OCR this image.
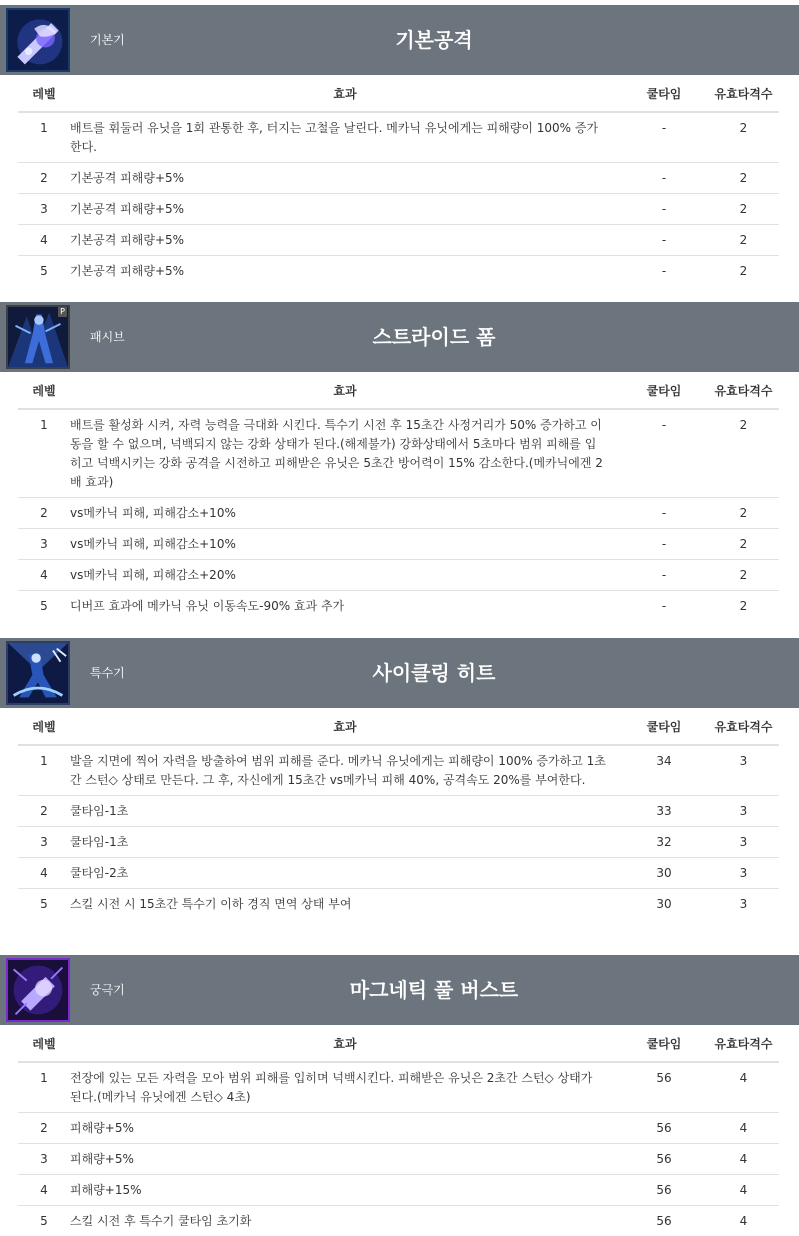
기본기	기본공격
레벨	효과	쿨타임	유효타격수
1	배트를 휘둘러 유닛을 1회 관통한 후, 터지는 고철을 날린다. 메카닉 유닛에게는 피해량이 100% 증가한다.	-	2
2	기본공격 피해량+5%	-	2
3	기본공격 피해량+5%	-	2
4	기본공격 피해량+5%	-	2
5	기본공격 피해량+5%	-	2
P
패시브	스트라이드 폼
레벨	효과	쿨타임	유효타격수
1	배트를 활성화 시켜, 자력 능력을 극대화 시킨다. 특수기 시전 후 15초간 사정거리가 50% 증가하고 이동을 할 수 없으며, 넉백되지 않는 강화 상태가 된다.(해제불가) 강화상태에서 5초마다 범위 피해를 입히고 넉백시키는 강화 공격을 시전하고 피해받은 유닛은 5초간 방어력이 15% 감소한다.(메카닉에겐 2배 효과)	-	2
2	vs메카닉 피해, 피해감소+10%	-	2
3	vs메카닉 피해, 피해감소+10%	-	2
4	vs메카닉 피해, 피해감소+20%	-	2
5	디버프 효과에 메카닉 유닛 이동속도-90% 효과 추가	-	2
특수기	사이클링 히트
레벨	효과	쿨타임	유효타격수
1	발을 지면에 찍어 자력을 방출하여 범위 피해를 준다. 메카닉 유닛에게는 피해량이 100% 증가하고 1초간 스턴◇ 상태로 만든다. 그 후, 자신에게 15초간 vs메카닉 피해 40%, 공격속도 20%를 부여한다.	34	3
2	쿨타임-1초	33	3
3	쿨타임-1초	32	3
4	쿨타임-2초	30	3
5	스킬 시전 시 15초간 특수기 이하 경직 면역 상태 부여	30	3
궁극기	마그네틱 풀 버스트
레벨	효과	쿨타임	유효타격수
1	전장에 있는 모든 자력을 모아 범위 피해를 입히며 넉백시킨다. 피해받은 유닛은 2초간 스턴◇ 상태가 된다.(메카닉 유닛에겐 스턴◇ 4초)	56	4
2	피해량+5%	56	4
3	피해량+5%	56	4
4	피해량+15%	56	4
5	스킬 시전 후 특수기 쿨타임 초기화	56	4
